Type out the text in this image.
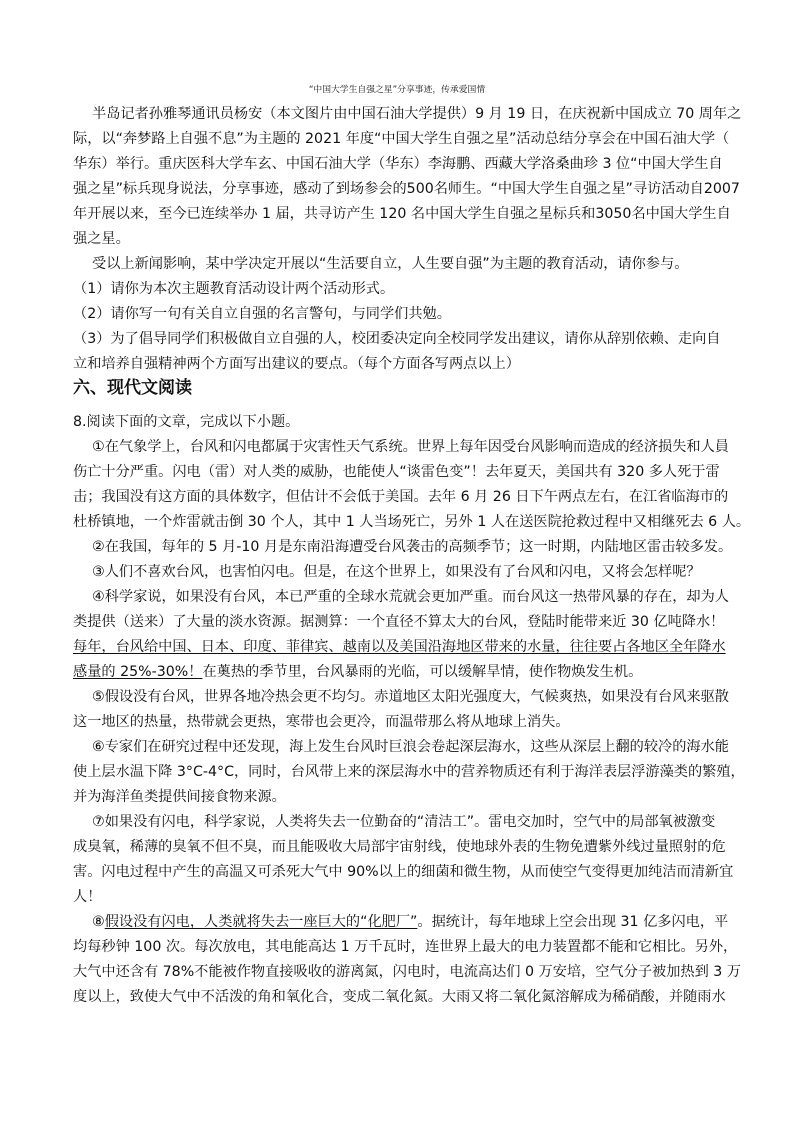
“中国大学生自强之星”分享事迹，传承爱国情
半岛记者孙雅琴通讯员杨安（本文图片由中国石油大学提供）9 月 19 日，在庆祝新中国成立 70 周年之
际，以“奔梦路上自强不息”为主题的 2021 年度“中国大学生自强之星”活动总结分享会在中国石油大学（
华东）举行。重庆医科大学车玄、中国石油大学（华东）李海鹏、西藏大学洛桑曲珍 3 位“中国大学生自
强之星”标兵现身说法，分享事迹，感动了到场参会的500名师生。“中国大学生自强之星”寻访活动自2007
年开展以来，至今已连续举办 1 届，共寻访产生 120 名中国大学生自强之星标兵和3050名中国大学生自
强之星。
受以上新闻影响，某中学决定开展以“生活要自立，人生要自强”为主题的教育活动，请你参与。
（1）请你为本次主题教育活动设计两个活动形式。
（2）请你写一句有关自立自强的名言警句，与同学们共勉。
（3）为了倡导同学们积极做自立自强的人，校团委决定向全校同学发出建议，请你从辞别依赖、走向自
立和培养自强精神两个方面写出建议的要点。（每个方面各写两点以上）
六、现代文阅读
8.阅读下面的文章，完成以下小题。
①在气象学上，台风和闪电都属于灾害性天气系统。世界上每年因受台风影响而造成的经济损失和人員
伤亡十分严重。闪电（雷）对人类的威胁，也能使人“谈雷色变”！去年夏天，美国共有 320 多人死于雷
击；我国没有这方面的具体数字，但估计不会低于美国。去年 6 月 26 日下午两点左右，在江省临海市的
杜桥镇地，一个炸雷就击倒 30 个人，其中 1 人当场死亡，另外 1 人在送医院抢救过程中又相继死去 6 人。
②在我国，每年的 5 月-10 月是东南沿海遭受台风袭击的高频季节；这一时期，内陆地区雷击较多发。
③人们不喜欢台风，也害怕闪电。但是，在这个世界上，如果没有了台风和闪电，又将会怎样呢？
④科学家说，如果没有台风，本已严重的全球水荒就会更加严重。而台风这一热带风暴的存在，却为人
类提供（送来）了大量的淡水资源。据测算：一个直径不算太大的台风，登陆时能带来近 30 亿吨降水！
每年，台风给中国、日本、印度、菲律宾、越南以及美国沿海地区带来的水量，往往要占各地区全年降水
感量的 25%-30%！在薁热的季节里，台风暴雨的光临，可以缓解旱情，使作物焕发生机。
⑤假设没有台风，世界各地冷热会更不均匀。赤道地区太阳光强度大，气候爽热，如果没有台风来驱散
这一地区的热量，热带就会更热，寒带也会更冷，而温带那么将从地球上消失。
⑥专家们在研究过程中还发现，海上发生台风时巨浪会卷起深层海水，这些从深层上翻的较冷的海水能
使上层水温下降 3°C-4°C，同时，台风带上来的深层海水中的营养物质还有利于海洋表层浮游藻类的繁殖，
并为海洋鱼类提供间接食物来源。
⑦如果没有闪电，科学家说，人类将失去一位勤奋的“清洁工”。雷电交加时，空气中的局部氧被激变
成臭氧，稀薄的臭氧不但不臭，而且能吸收大局部宇宙射线，使地球外表的生物免遭紫外线过量照射的危
害。闪电过程中产生的高温又可杀死大气中 90%以上的细菌和微生物，从而使空气变得更加纯洁而清新宜
人！
⑧假设没有闪电，人类就将失去一座巨大的“化肥厂”。据统计，每年地球上空会出现 31 亿多闪电，平
均每秒钟 100 次。每次放电，其电能高达 1 万千瓦时，连世界上最大的电力装置都不能和它相比。另外，
大气中还含有 78%不能被作物直接吸收的游离氮，闪电时，电流高达们 0 万安培，空气分子被加热到 3 万
度以上，致使大气中不活泼的角和氧化合，变成二氧化氮。大雨又将二氧化氮溶解成为稀硝酸，并随雨水
